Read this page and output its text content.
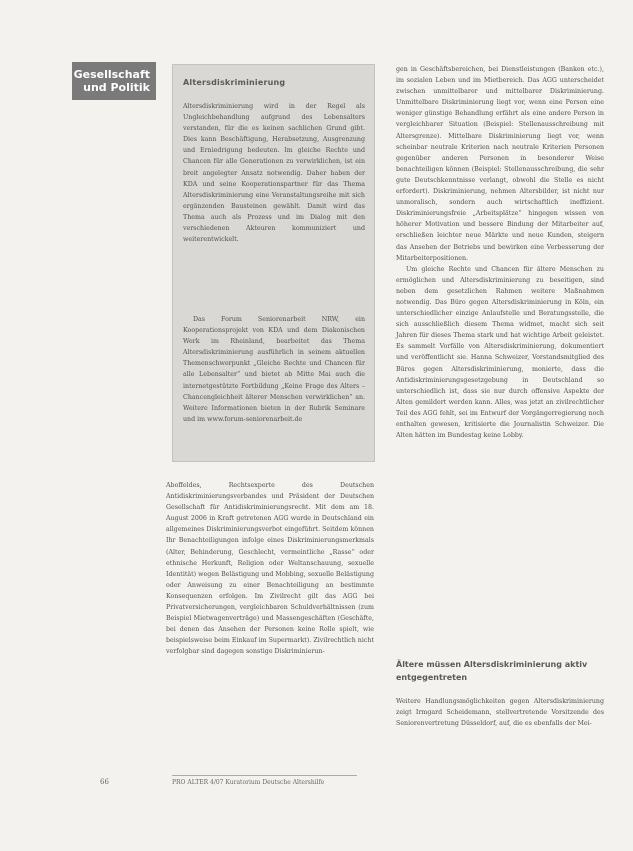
Gesellschaft
und Politik	Altersdiskriminierung

Altersdiskriminierung wird in der Regel als Ungleichbehandlung aufgrund des Lebensalters verstanden, für die es keinen sachlichen Grund gibt. Dies kann Beschäftigung, Herabsetzung, Ausgrenzung und Erniedrigung bedeuten. Im gleiche Rechte und Chancen für alle Generationen zu verwirklichen, ist ein breit angelegter Ansatz notwendig. Daher haben der KDA und seine Kooperationspartner für das Thema Altersdiskriminierung eine Veranstaltungsreihe mit sich ergänzenden Bausteinen gewählt. Damit wird das Thema auch als Prozess und im Dialog mit den verschiedenen Akteuren kommuniziert und weiterentwickelt.

Das Forum Seniorenarbeit NRW, ein Kooperationsprojekt von KDA und dem Diakonischen Werk im Rheinland, bearbeitet das Thema Altersdiskriminierung ausführlich in seinem aktuellen Themenschwerpunkt „Gleiche Rechte und Chancen für alle Lebensalter“ und bietet ab Mitte Mai auch die internetgestützte Fortbildung „Keine Frage des Alters – Chancengleichheit älterer Menschen verwirklichen“ an. Weitere Informationen bieten in der Rubrik Seminare und im www.forum-seniorenarbeit.de

Aboffeldes, Rechtsexperte des Deutschen Antidiskriminierungsverbandes und Präsident der Deutschen Gesellschaft für Antidiskriminierungsrecht. Mit dem am 18. August 2006 in Kraft getretenen AGG wurde in Deutschland ein allgemeines Diskriminierungsverbot eingeführt. Seitdem können Ihr Benachteiligungen infolge eines Diskriminierungsmerkmals (Alter, Behinderung, Geschlecht, vermeintliche „Rasse“ oder ethnische Herkunft, Religion oder Weltanschauung, sexuelle Identität) wegen Belästigung und Mobbing, sexuelle Belästigung oder Anweisung zu einer Benachteiligung an bestimmte Konsequenzen erfolgen. Im Zivilrecht gilt das AGG bei Privatversicherungen, vergleichbaren Schuldverhältnissen (zum Beispiel Mietwagenverträge) und Massengeschäften (Geschäfte, bei denen das Ansehen der Personen keine Rolle spielt, wie beispielsweise beim Einkauf im Supermarkt). Zivilrechtlich nicht verfolgbar sind dagegen sonstige Diskriminierun-

gen in Geschäftsbereichen, bei Dienstleistungen (Banken etc.), im sozialen Leben und im Mietbereich. Das AGG unterscheidet zwischen unmittelbarer und mittelbarer Diskriminierung. Unmittelbare Diskriminierung liegt vor, wenn eine Person eine weniger günstige Behandlung erfährt als eine andere Person in vergleichbarer Situation (Beispiel: Stellenausschreibung mit Altersgrenze). Mittelbare Diskriminierung liegt vor, wenn scheinbar neutrale Kriterien nach neutrale Kriterien Personen gegenüber anderen Personen in besonderer Weise benachteiligen können (Beispiel: Stellenausschreibung, die sehr gute Deutschkenntnisse verlangt, obwohl die Stelle es nicht erfordert). Diskriminierung, nehmen Altersbilder, ist nicht nur unmoralisch, sondern auch wirtschaftlich ineffizient. Diskriminierungsfreie „Arbeitsplätze“ hingegen wissen von höherer Motivation und bessere Bindung der Mitarbeiter auf, erschließen leichter neue Märkte und neue Kunden, steigern das Ansehen der Betriebs und bewirken eine Verbesserung der Mitarbeiterpositionen.

Um gleiche Rechte und Chancen für ältere Menschen zu ermöglichen und Altersdiskriminierung zu beseitigen, sind neben dem gesetzlichen Rahmen weitere Maßnahmen notwendig. Das Büro gegen Altersdiskriminierung in Köln, ein unterschiedlicher einzige Anlaufstelle und Beratungsstelle, die sich ausschließlich diesem Thema widmet, macht sich seit Jahren für dieses Thema stark und hat wichtige Arbeit geleistet. Es sammelt Vorfälle von Altersdiskriminierung, dokumentiert und veröffentlicht sie. Hanna Schweizer, Vorstandsmitglied des Büros gegen Altersdiskriminierung, monierte, dass die Antidiskriminierungsgesetzgebung in Deutschland so unterschiedlich ist, dass sie nur durch offensive Aspekte der Alten gemildert werden kann. Alles, was jetzt an zivilrechtlicher Teil des AGG fehlt, sei im Entwurf der Vorgängerregierung noch enthalten gewesen, kritisierte die Journalistin Schweizer. Die Alten hätten im Bundestag keine Lobby.

Ältere müssen Altersdiskriminierung aktiv entgegentreten

Weitere Handlungsmöglichkeiten gegen Altersdiskriminierung zeigt Irmgard Scheidemann, stellvertretende Vorsitzende des Seniorenvertretung Düsseldorf, auf, die es ebenfalls der Mei-

66	PRO ALTER 4/07 Kuratorium Deutsche Altershilfe
